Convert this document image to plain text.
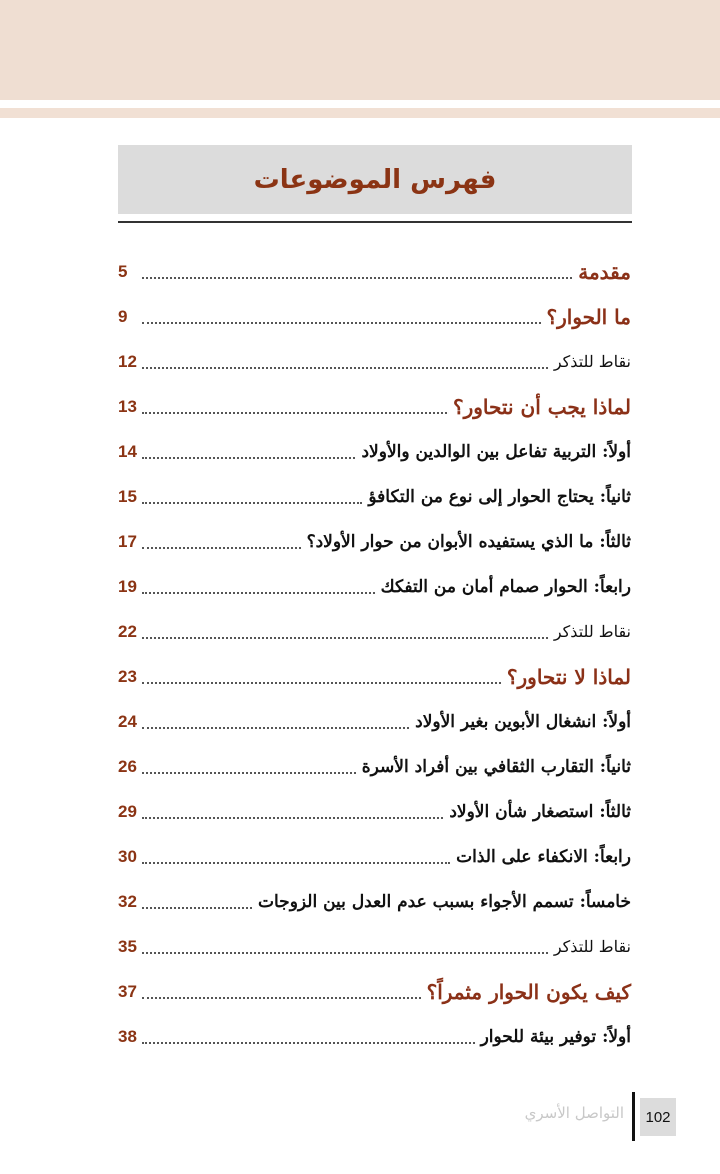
فهرس الموضوعات
مقدمة
5
ما الحوار؟
9
نقاط للتذكر
12
لماذا يجب أن نتحاور؟
13
أولاً: التربية تفاعل بين الوالدين والأولاد
14
ثانياً: يحتاج الحوار إلى نوع من التكافؤ
15
ثالثاً: ما الذي يستفيده الأبوان من حوار الأولاد؟
17
رابعاً: الحوار صمام أمان من التفكك
19
نقاط للتذكر
22
لماذا لا نتحاور؟
23
أولاً: انشغال الأبوين بغير الأولاد
24
ثانياً: التقارب الثقافي بين أفراد الأسرة
26
ثالثاً: استصغار شأن الأولاد
29
رابعاً: الانكفاء على الذات
30
خامساً: تسمم الأجواء بسبب عدم العدل بين الزوجات
32
نقاط للتذكر
35
كيف يكون الحوار مثمراً؟
37
أولاً: توفير بيئة للحوار
38
102
التواصل الأسري
